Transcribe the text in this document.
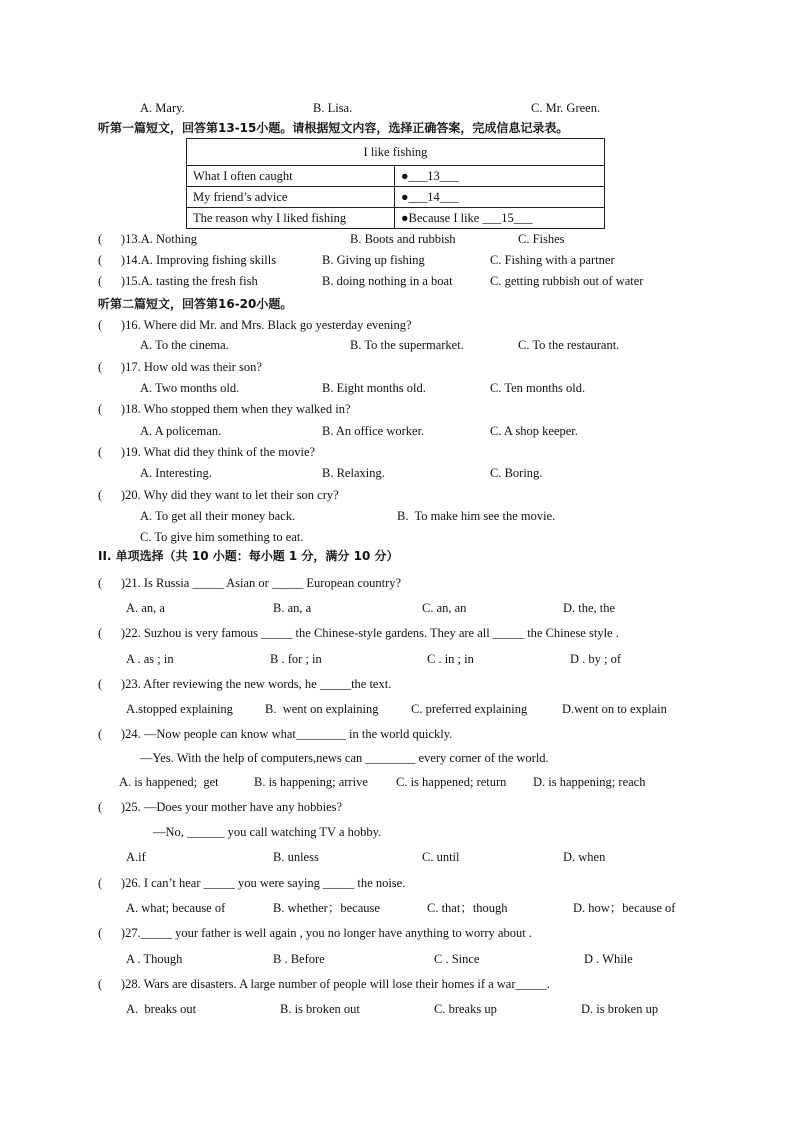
A. Mary.	B. Lisa.	C. Mr. Green.
听第一篇短文，回答第13-15小题。请根据短文内容，选择正确答案，完成信息记录表。
I like fishing	
What I often caught	●___13___
My friend’s advice	●___14___
The reason why I liked fishing	●Because I like ___15___
(      )13.A. Nothing	B. Boots and rubbish	C. Fishes
(      )14.A. Improving fishing skills	B. Giving up fishing	C. Fishing with a partner
(      )15.A. tasting the fresh fish	B. doing nothing in a boat	C. getting rubbish out of water
听第二篇短文，回答第16-20小题。
(      )16. Where did Mr. and Mrs. Black go yesterday evening?
A. To the cinema.	B. To the supermarket.	C. To the restaurant.
(      )17. How old was their son?
A. Two months old.	B. Eight months old.	C. Ten months old.
(      )18. Who stopped them when they walked in?
A. A policeman.	B. An office worker.	C. A shop keeper.
(      )19. What did they think of the movie?
A. Interesting.	B. Relaxing.	C. Boring.
(      )20. Why did they want to let their son cry?
A. To get all their money back.	B.  To make him see the movie.
C. To give him something to eat.
II. 单项选择（共 10 小题：每小题 1 分，满分 10 分）
(      )21. Is Russia _____ Asian or _____ European country?
A. an, a	B. an, a	C. an, an	D. the, the
(      )22. Suzhou is very famous _____ the Chinese-style gardens. They are all _____ the Chinese style .
A . as ; in	B . for ; in	C . in ; in	D . by ; of
(      )23. After reviewing the new words, he _____the text.
A.stopped explaining	B.  went on explaining	C. preferred explaining	D.went on to explain
(      )24. —Now people can know what________ in the world quickly.
—Yes. With the help of computers,news can ________ every corner of the world.
A. is happened;  get	B. is happening; arrive C. is happened; return D. is happening; reach
(      )25. —Does your mother have any hobbies?
—No, ______ you call watching TV a hobby.
A.if	B. unless	C. until	D. when
(      )26. I can’t hear _____ you were saying _____ the noise.
A. what; because of	B. whether；because	C. that；though	D. how；because of
(      )27._____ your father is well again , you no longer have anything to worry about .
A . Though	B . Before	C . Since	D . While
(      )28. Wars are disasters. A large number of people will lose their homes if a war_____.
A.  breaks out	B. is broken out	C. breaks up	D. is broken up
